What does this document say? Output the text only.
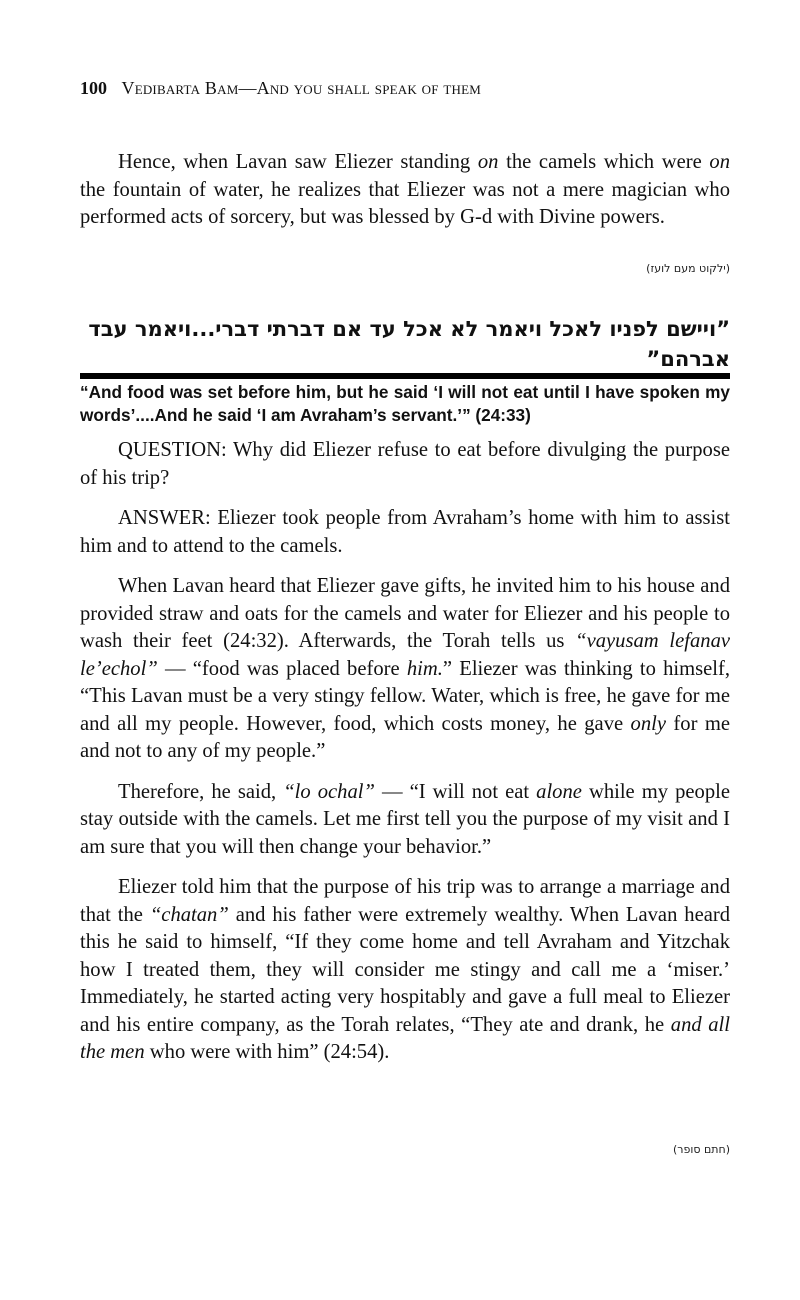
100 Vedibarta Bam—And you shall speak of them

Hence, when Lavan saw Eliezer standing on the camels which were on the fountain of water, he realizes that Eliezer was not a mere magician who performed acts of sorcery, but was blessed by G-d with Divine powers.

(ילקוט מעם לועז)

”ויישם לפניו לאכל ויאמר לא אכל עד אם דברתי דברי...ויאמר עבד אברהם”
“And food was set before him, but he said ‘I will not eat until I have spoken my words’....And he said ‘I am Avraham’s servant.’” (24:33)

QUESTION: Why did Eliezer refuse to eat before divulging the purpose of his trip?

ANSWER: Eliezer took people from Avraham’s home with him to assist him and to attend to the camels.

When Lavan heard that Eliezer gave gifts, he invited him to his house and provided straw and oats for the camels and water for Eliezer and his people to wash their feet (24:32). Afterwards, the Torah tells us “vayusam lefanav le’echol” — “food was placed before him.” Eliezer was thinking to himself, “This Lavan must be a very stingy fellow. Water, which is free, he gave for me and all my people. However, food, which costs money, he gave only for me and not to any of my people.”

Therefore, he said, “lo ochal” — “I will not eat alone while my people stay outside with the camels. Let me first tell you the purpose of my visit and I am sure that you will then change your behavior.”

Eliezer told him that the purpose of his trip was to arrange a marriage and that the “chatan” and his father were extremely wealthy. When Lavan heard this he said to himself, “If they come home and tell Avraham and Yitzchak how I treated them, they will consider me stingy and call me a ‘miser.’ Immediately, he started acting very hospitably and gave a full meal to Eliezer and his entire company, as the Torah relates, “They ate and drank, he and all the men who were with him” (24:54).

(חתם סופר)
